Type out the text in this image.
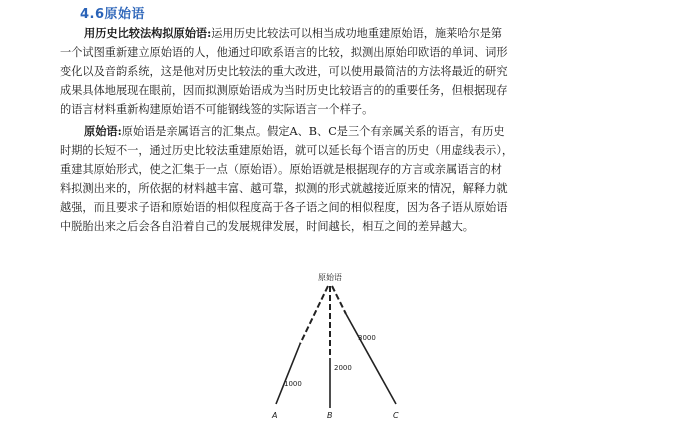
4.6原始语
用历史比较法构拟原始语:运用历史比较法可以相当成功地重建原始语，施莱哈尔是第
一个试图重新建立原始语的人，他通过印欧系语言的比较，拟测出原始印欧语的单词、词形
变化以及音韵系统，这是他对历史比较法的重大改进，可以使用最简洁的方法将最近的研究
成果具体地展现在眼前，因而拟测原始语成为当时历史比较语言的的重要任务，但根据现存
的语言材料重新构建原始语不可能钢线签的实际语言一个样子。
原始语:原始语是亲属语言的汇集点。假定A、B、C是三个有亲属关系的语言，有历史
时期的长短不一，通过历史比较法重建原始语，就可以延长每个语言的历史（用虚线表示），
重建其原始形式，使之汇集于一点（原始语）。原始语就是根据现存的方言或亲属语言的材
料拟测出来的，所依据的材料越丰富、越可靠，拟测的形式就越接近原来的情况，解释力就
越强，而且要求子语和原始语的相似程度高于各子语之间的相似程度，因为各子语从原始语
中脱胎出来之后会各自沿着自己的发展规律发展，时间越长，相互之间的差异越大。
原始语
1000
2000
3000
A	B	C
